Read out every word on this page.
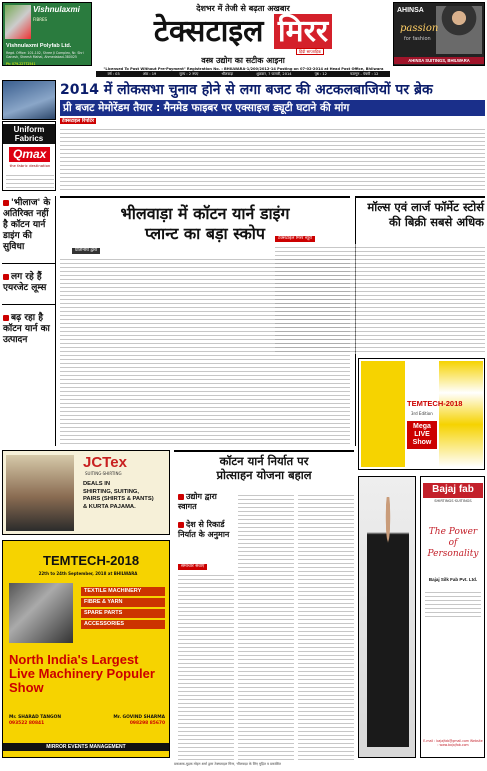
Vishnulaxmi
FIBRES
Vishnulaxmi Polyfab Ltd.
Regd. Office: 101-102, Shree Ji Complex, Nr. Shri Ganesh, Sheesh Mahal, Ahmedabad-380025
Ph: 079-22772541
देशभर में तेजी से बढ़ता अखबार
टेक्सटाइल मिरर
हिंदी साप्ताहिक
वस्त्र उद्योग का सटीक आइना
AHINSA
passion
for fashion
AHINSA SUITINGS, BHILWARA
"Licensed To Post Without Pre-Payment" Registration No. : BHILWARA-1/200/2012-14 Posting on 07-02-2014 at Head Post Office, Bhilwara
वर्ष : 03	अंक : 19	मूल्य : 2 रुपए	भीलवाड़ा	शुक्रवार, 7 फरवरी, 2014	पृष्ठ : 12	फाल्गुन - पंचमी : 12
Uniform Fabrics
Qmax
the fabric destination
'भीलाज' के अतिरिक्त नहीं है कॉटन यार्न डाइंग की सुविधा
लग रहे हैं एयरजेट लूम्स
बढ़ रहा है कॉटन यार्न का उत्पादन
2014 में लोकसभा चुनाव होने से लगा बजट की अटकलबाजियों पर ब्रेक
प्री बजट मेमोरेंडम तैयार : मैनमेड फाइबर पर एक्साइज ड्यूटी घटाने की मांग
टेक्सटाइल रिपोर्टर
भीलवाड़ा में कॉटन यार्न डाइंग
प्लान्ट का बड़ा स्कोप
प्रतिनिधि द्वारा
मॉल्स एवं लार्ज फॉर्मेट स्टोर्स
की बिक्री सबसे अधिक
टेक्सटाइल मिरर ब्यूरो
JCTex
SUITING·SHIRTING
DEALS IN
SHIRTING, SUITING,
PAIRS (SHIRTS & PANTS)
& KURTA PAJAMA.
TEMTECH-2018
22th to 24th September, 2018 at BHILWARA
TEXTILE MACHINERY
FIBRE & YARN
SPARE PARTS
ACCESSORIES
North India's Largest Live Machinery Populer Show
Mr. SHARAD TANGON
093522 80841
Mr. GOVIND SHARMA
098298 85670
MIRROR EVENTS MANAGEMENT
कॉटन यार्न निर्यात पर
प्रोत्साहन योजना बहाल
उद्योग द्वारा स्वागत
देश से रिकार्ड निर्यात के अनुमान
समाचार सेवाएं
TEMTECH-2018
3rd Edition
Mega LIVE Show
Bajaj fab
SHIRTINGS·SUITINGS
The Power
of
Personality
Bajaj Silk Fab Pvt. Ltd.
E-mail : bajajfab@gmail.com Website : www.bajajfab.com
प्रकाशक-मुद्रक मोहन शर्मा द्वारा टेक्सटाइल मिरर, भीलवाड़ा के लिए मुद्रित व प्रकाशित
